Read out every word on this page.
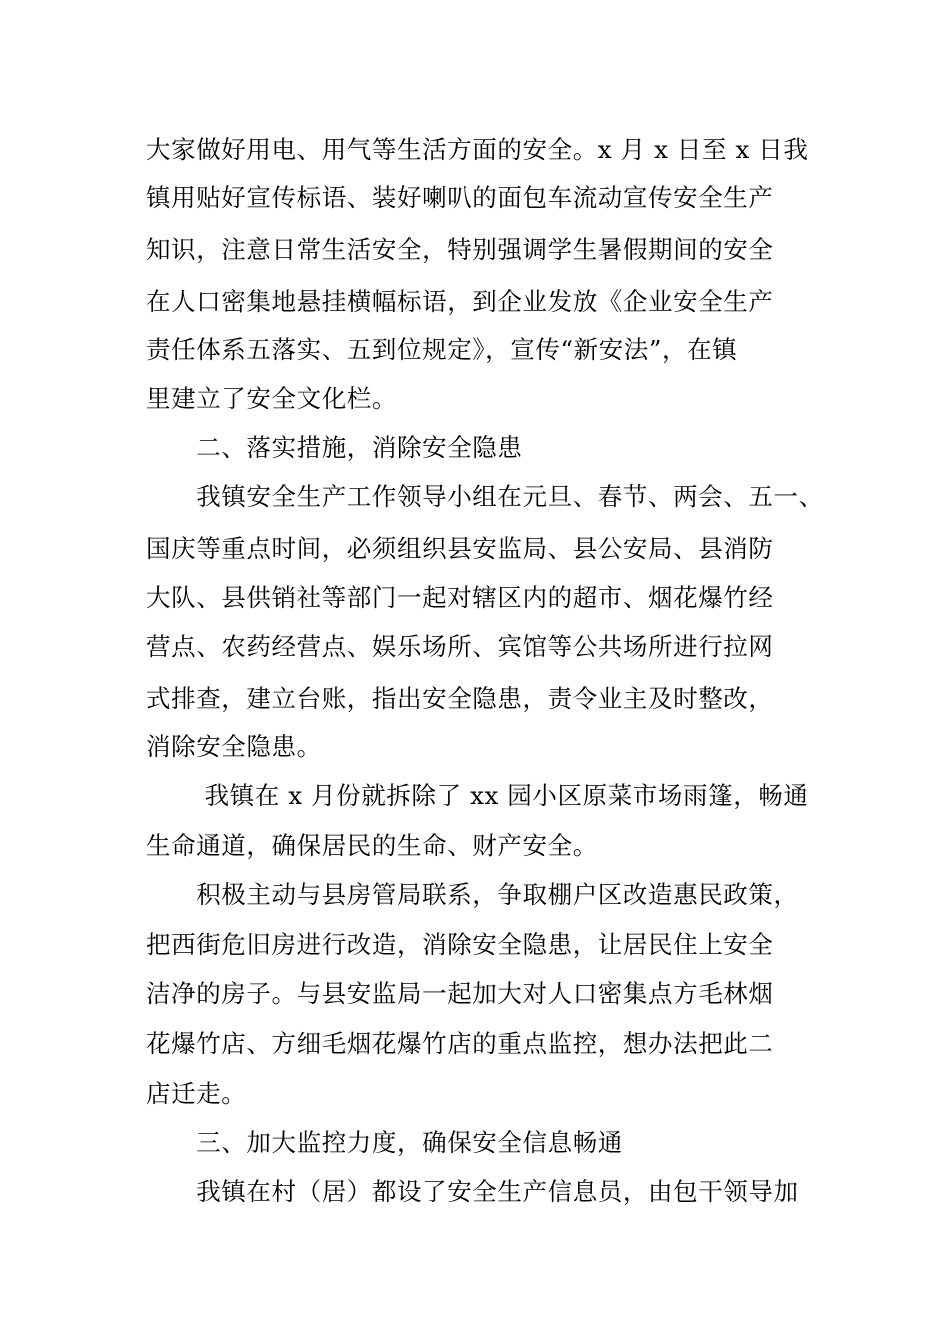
大家做好用电、用气等生活方面的安全。x 月 x 日至 x 日我
镇用贴好宣传标语、装好喇叭的面包车流动宣传安全生产
知识，注意日常生活安全，特别强调学生暑假期间的安全
在人口密集地悬挂横幅标语，到企业发放《企业安全生产
责任体系五落实、五到位规定》，宣传“新安法”，在镇
里建立了安全文化栏。
　　二、落实措施，消除安全隐患
　　我镇安全生产工作领导小组在元旦、春节、两会、五一、
国庆等重点时间，必须组织县安监局、县公安局、县消防
大队、县供销社等部门一起对辖区内的超市、烟花爆竹经
营点、农药经营点、娱乐场所、宾馆等公共场所进行拉网
式排查，建立台账，指出安全隐患，责令业主及时整改，
消除安全隐患。
　　 我镇在 x 月份就拆除了 xx 园小区原菜市场雨篷，畅通
生命通道，确保居民的生命、财产安全。
　　积极主动与县房管局联系，争取棚户区改造惠民政策，
把西街危旧房进行改造，消除安全隐患，让居民住上安全
洁净的房子。与县安监局一起加大对人口密集点方毛林烟
花爆竹店、方细毛烟花爆竹店的重点监控，想办法把此二
店迁走。
　　三、加大监控力度，确保安全信息畅通
　　我镇在村（居）都设了安全生产信息员，由包干领导加
